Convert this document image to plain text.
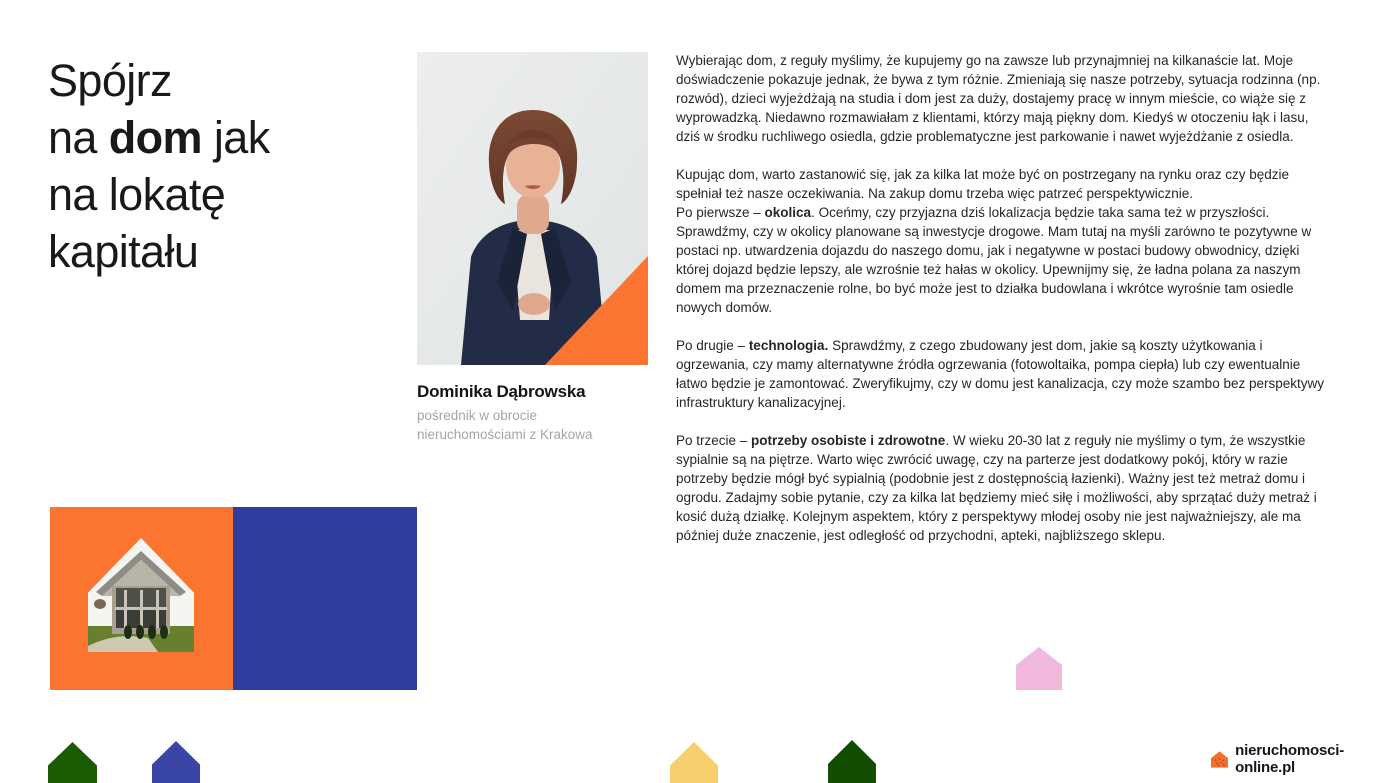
Spójrz
na dom jak
na lokatę
kapitału
Dominika Dąbrowska
pośrednik w obrocie
nieruchomościami z Krakowa

Wybierając dom, z reguły myślimy, że kupujemy go na zawsze lub przynajmniej na kilkanaście lat. Moje doświadczenie pokazuje jednak, że bywa z tym różnie. Zmieniają się nasze potrzeby, sytuacja rodzinna (np. rozwód), dzieci wyjeżdżają na studia i dom jest za duży, dostajemy pracę w innym mieście, co wiąże się z wyprowadzką. Niedawno rozmawiałam z klientami, którzy mają piękny dom. Kiedyś w otoczeniu łąk i lasu, dziś w środku ruchliwego osiedla, gdzie problematyczne jest parkowanie i nawet wyjeżdżanie z osiedla.

Kupując dom, warto zastanowić się, jak za kilka lat może być on postrzegany na rynku oraz czy będzie spełniał też nasze oczekiwania. Na zakup domu trzeba więc patrzeć perspektywicznie.
Po pierwsze – okolica. Oceńmy, czy przyjazna dziś lokalizacja będzie taka sama też w przyszłości. Sprawdźmy, czy w okolicy planowane są inwestycje drogowe. Mam tutaj na myśli zarówno te pozytywne w postaci np. utwardzenia dojazdu do naszego domu, jak i negatywne w postaci budowy obwodnicy, dzięki której dojazd będzie lepszy, ale wzrośnie też hałas w okolicy. Upewnijmy się, że ładna polana za naszym domem ma przeznaczenie rolne, bo być może jest to działka budowlana i wkrótce wyrośnie tam osiedle nowych domów.

Po drugie – technologia. Sprawdźmy, z czego zbudowany jest dom, jakie są koszty użytkowania i ogrzewania, czy mamy alternatywne źródła ogrzewania (fotowoltaika, pompa ciepła) lub czy ewentualnie łatwo będzie je zamontować. Zweryfikujmy, czy w domu jest kanalizacja, czy może szambo bez perspektywy infrastruktury kanalizacyjnej.

Po trzecie – potrzeby osobiste i zdrowotne. W wieku 20-30 lat z reguły nie myślimy o tym, że wszystkie sypialnie są na piętrze. Warto więc zwrócić uwagę, czy na parterze jest dodatkowy pokój, który w razie potrzeby będzie mógł być sypialnią (podobnie jest z dostępnością łazienki). Ważny jest też metraż domu i ogrodu. Zadajmy sobie pytanie, czy za kilka lat będziemy mieć siłę i możliwości, aby sprzątać duży metraż i kosić dużą działkę. Kolejnym aspektem, który z perspektywy młodej osoby nie jest najważniejszy, ale ma później duże znaczenie, jest odległość od przychodni, apteki, najbliższego sklepu.

nieruchomosci-online.pl
